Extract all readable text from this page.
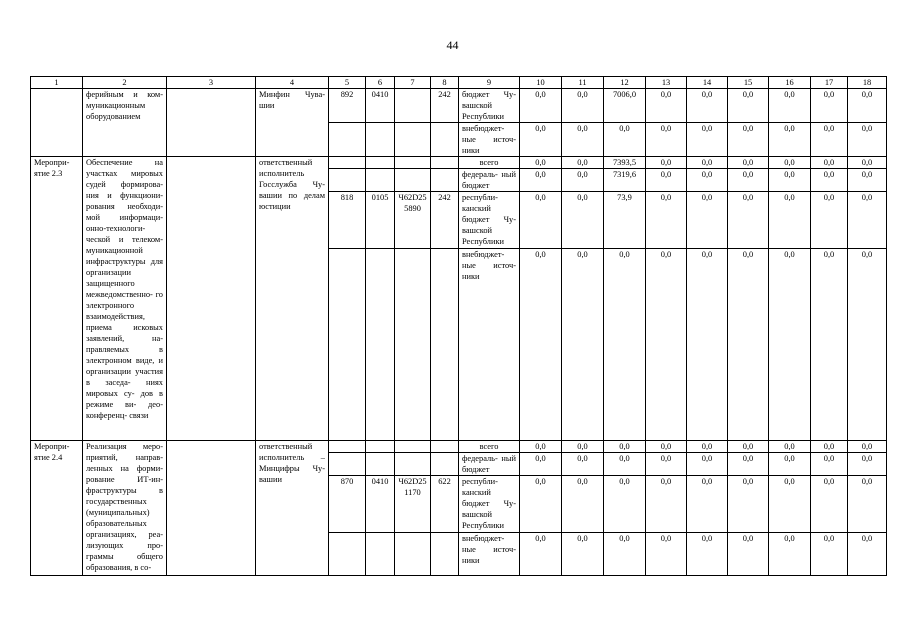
44
1	2	3	4	5	6	7	8	9	10	11	12	13	14	15	16	17	18
	ферийным и ком- муникационным оборудованием		Минфин Чува- шии	892	0410		242	бюджет Чу- вашской Республики	0,0	0,0	7006,0	0,0	0,0	0,0	0,0	0,0	0,0
								внебюджет- ные источ- ники	0,0	0,0	0,0	0,0	0,0	0,0	0,0	0,0	0,0
Меропри- ятие 2.3	Обеспечение на участках мировых судей формирова- ния и функциони- рования необходи- мой информаци- онно-технологи- ческой и телеком- муникационной инфраструктуры для организации защищенного межведомственно- го электронного взаимодействия, приема исковых заявлений, на- правляемых в электронном виде, и организации участия в заседа- ниях мировых су- дов в режиме ви- део-конференц- связи		ответственный исполнитель Госслужба Чу- вашии по делам юстиции					всего	0,0	0,0	7393,5	0,0	0,0	0,0	0,0	0,0	0,0
								федераль- ный бюджет	0,0	0,0	7319,6	0,0	0,0	0,0	0,0	0,0	0,0
				818	0105	Ч62D25 5890	242	республи- канский бюджет Чу- вашской Республики	0,0	0,0	73,9	0,0	0,0	0,0	0,0	0,0	0,0
								внебюджет- ные источ- ники	0,0	0,0	0,0	0,0	0,0	0,0	0,0	0,0	0,0
Меропри- ятие 2.4	Реализация меро- приятий, направ- ленных на форми- рование ИТ-ин- фраструктуры в государственных (муниципальных) образовательных организациях, реа- лизующих про- граммы общего образования, в со-		ответственный исполнитель – Минцифры Чу- вашии					всего	0,0	0,0	0,0	0,0	0,0	0,0	0,0	0,0	0,0
								федераль- ный бюджет	0,0	0,0	0,0	0,0	0,0	0,0	0,0	0,0	0,0
				870	0410	Ч62D25 1170	622	республи- канский бюджет Чу- вашской Республики	0,0	0,0	0,0	0,0	0,0	0,0	0,0	0,0	0,0
								внебюджет- ные источ- ники	0,0	0,0	0,0	0,0	0,0	0,0	0,0	0,0	0,0
